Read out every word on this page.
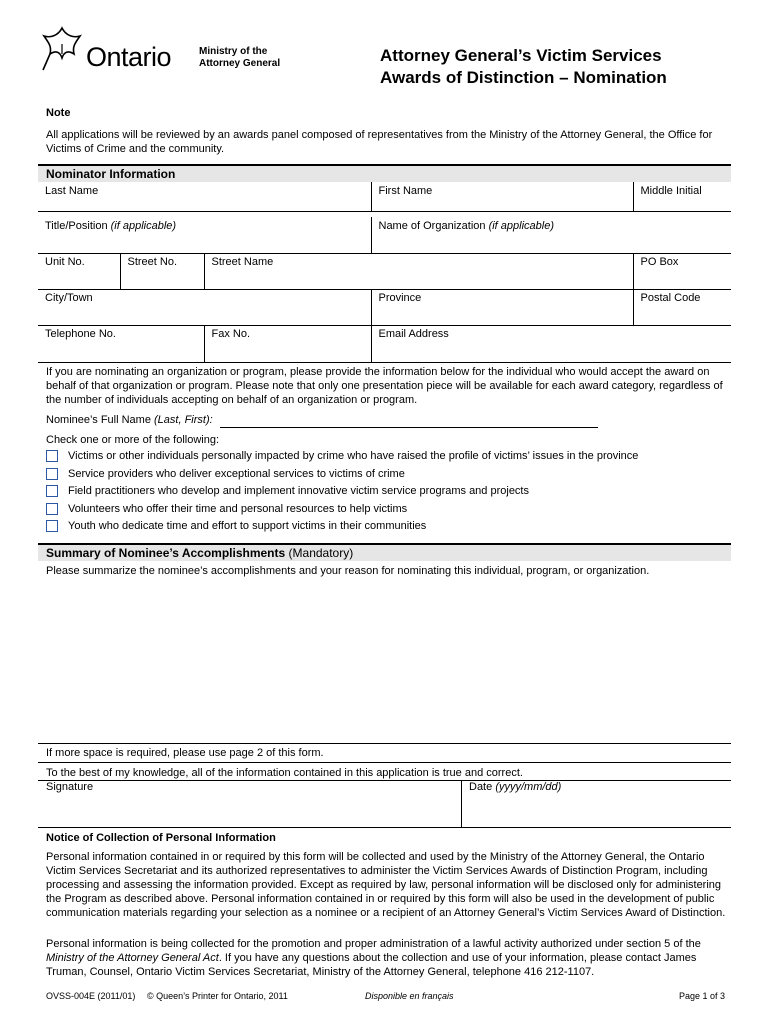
Ontario	Ministry of the
Attorney General	Attorney General’s Victim Services
Awards of Distinction – Nomination
Note
All applications will be reviewed by an awards panel composed of representatives from the Ministry of the Attorney General, the Office for Victims of Crime and the community.
Nominator Information
Last Name	First Name	Middle Initial
Title/Position (if applicable)	Name of Organization (if applicable)
Unit No.	Street No.	Street Name	PO Box
City/Town	Province	Postal Code
Telephone No.	Fax No.	Email Address
If you are nominating an organization or program, please provide the information below for the individual who would accept the award on behalf of that organization or program. Please note that only one presentation piece will be available for each award category, regardless of the number of individuals accepting on behalf of an organization or program.
Nominee’s Full Name (Last, First):
Check one or more of the following:
Victims or other individuals personally impacted by crime who have raised the profile of victims’ issues in the province
Service providers who deliver exceptional services to victims of crime
Field practitioners who develop and implement innovative victim service programs and projects
Volunteers who offer their time and personal resources to help victims
Youth who dedicate time and effort to support victims in their communities
Summary of Nominee’s Accomplishments (Mandatory)
Please summarize the nominee’s accomplishments and your reason for nominating this individual, program, or organization.
If more space is required, please use page 2 of this form.
To the best of my knowledge, all of the information contained in this application is true and correct.
Signature	Date (yyyy/mm/dd)
Notice of Collection of Personal Information
Personal information contained in or required by this form will be collected and used by the Ministry of the Attorney General, the Ontario Victim Services Secretariat and its authorized representatives to administer the Victim Services Awards of Distinction Program, including processing and assessing the information provided. Except as required by law, personal information will be disclosed only for administering the Program as described above. Personal information contained in or required by this form will also be used in the development of public communication materials regarding your selection as a nominee or a recipient of an Attorney General’s Victim Services Award of Distinction.
Personal information is being collected for the promotion and proper administration of a lawful activity authorized under section 5 of the Ministry of the Attorney General Act. If you have any questions about the collection and use of your information, please contact James Truman, Counsel, Ontario Victim Services Secretariat, Ministry of the Attorney General, telephone 416 212-1107.
OVSS-004E (2011/01) © Queen’s Printer for Ontario, 2011	Disponible en français	Page 1 of 3
